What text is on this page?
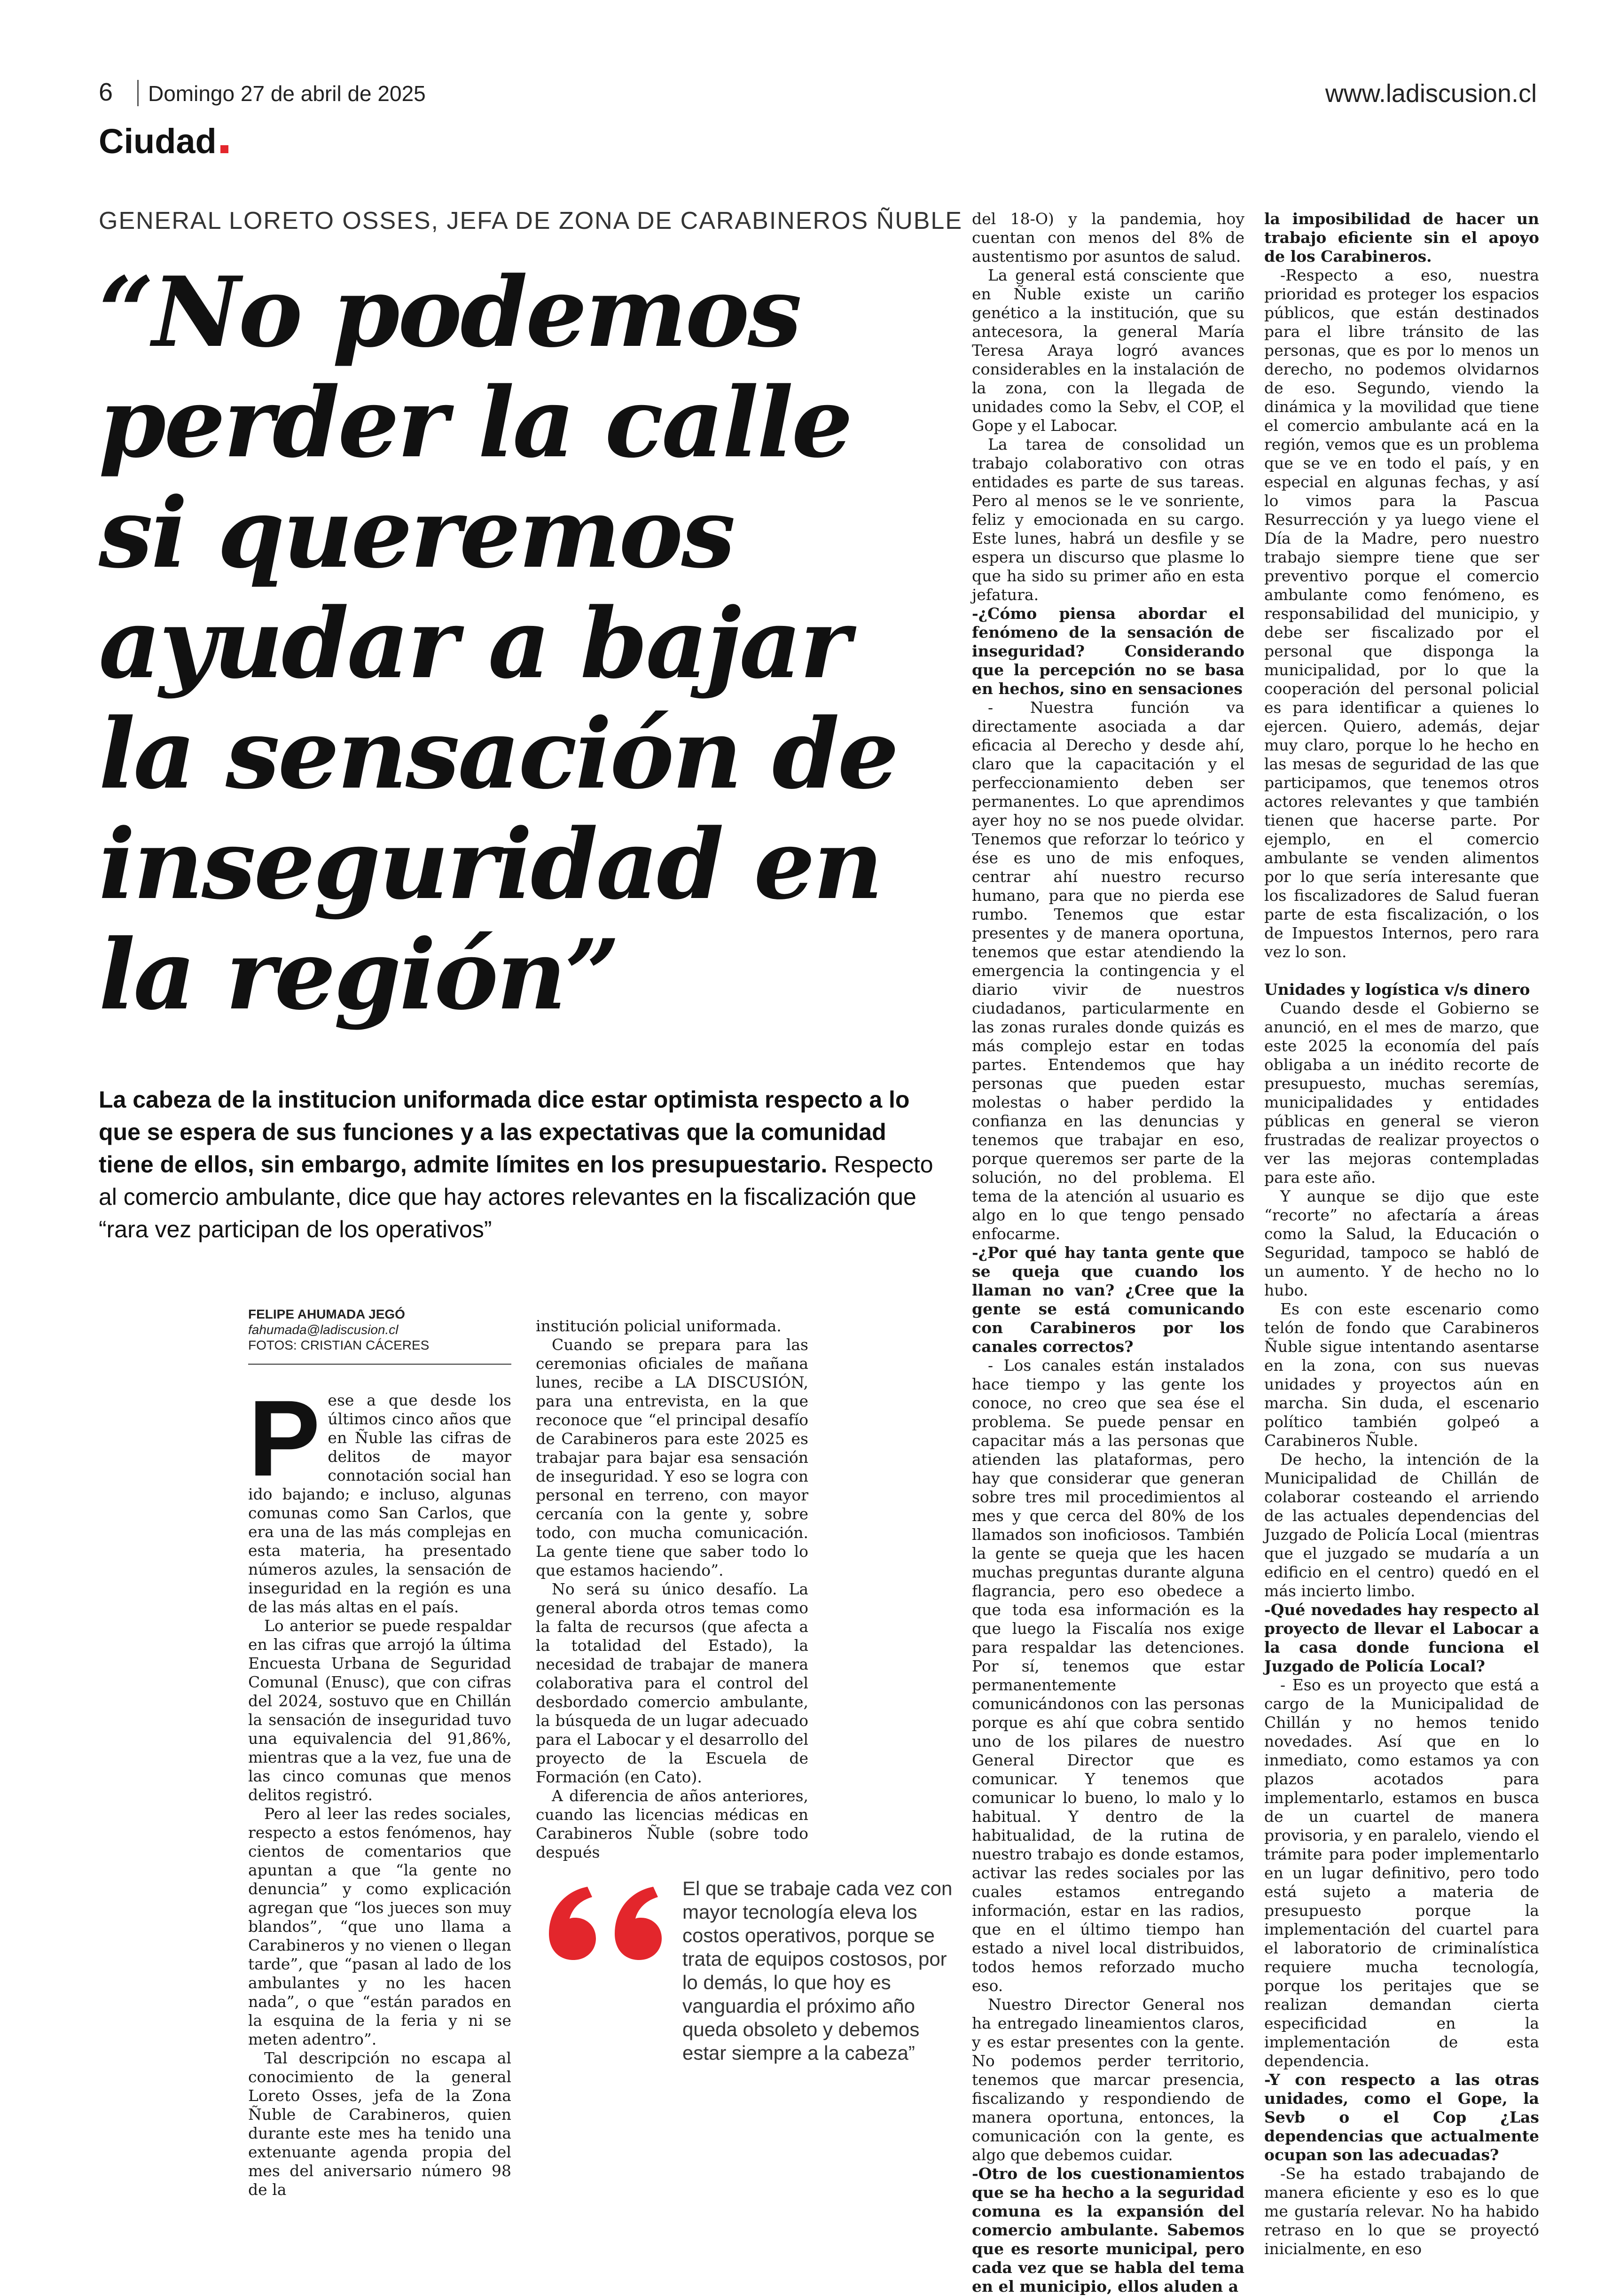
6 Domingo 27 de abril de 2025	www.ladiscusion.cl
Ciudad
GENERAL LORETO OSSES, JEFA DE ZONA DE CARABINEROS ÑUBLE
“No podemos perder la calle si queremos ayudar a bajar la sensación de inseguridad en la región”
La cabeza de la institucion uniformada dice estar optimista respecto a lo que se espera de sus funciones y a las expectativas que la comunidad tiene de ellos, sin embargo, admite límites en los presupuestario. Respecto al comercio ambulante, dice que hay actores relevantes en la fiscalización que “rara vez participan de los operativos”
FELIPE AHUMADA JEGÓ
fahumada@ladiscusion.cl
FOTOS: CRISTIAN CÁCERES

Pese a que desde los últimos cinco años que en Ñuble las cifras de delitos de mayor connotación social han ido bajando; e incluso, algunas comunas como San Carlos, que era una de las más complejas en esta materia, ha presentado números azules, la sensación de inseguridad en la región es una de las más altas en el país.

Lo anterior se puede respaldar en las cifras que arrojó la última Encuesta Urbana de Seguridad Comunal (Enusc), que con cifras del 2024, sostuvo que en Chillán la sensación de inseguridad tuvo una equivalencia del 91,86%, mientras que a la vez, fue una de las cinco comunas que menos delitos registró.

Pero al leer las redes sociales, respecto a estos fenómenos, hay cientos de comentarios que apuntan a que “la gente no denuncia” y como explicación agregan que “los jueces son muy blandos”, “que uno llama a Carabineros y no vienen o llegan tarde”, que “pasan al lado de los ambulantes y no les hacen nada”, o que “están parados en la esquina de la feria y ni se meten adentro”.

Tal descripción no escapa al conocimiento de la general Loreto Osses, jefa de la Zona Ñuble de Carabineros, quien durante este mes ha tenido una extenuante agenda propia del mes del aniversario número 98 de la

institución policial uniformada.

Cuando se prepara para las ceremonias oficiales de mañana lunes, recibe a LA DISCUSIÓN, para una entrevista, en la que reconoce que “el principal desafío de Carabineros para este 2025 es trabajar para bajar esa sensación de inseguridad. Y eso se logra con personal en terreno, con mayor cercanía con la gente y, sobre todo, con mucha comunicación. La gente tiene que saber todo lo que estamos haciendo”.

No será su único desafío. La general aborda otros temas como la falta de recursos (que afecta a la totalidad del Estado), la necesidad de trabajar de manera colaborativa para el control del desbordado comercio ambulante, la búsqueda de un lugar adecuado para el Labocar y el desarrollo del proyecto de la Escuela de Formación (en Cato).

A diferencia de años anteriores, cuando las licencias médicas en Carabineros Ñuble (sobre todo después

El que se trabaje cada vez con mayor tecnología eleva los costos operativos, porque se trata de equipos costosos, por lo demás, lo que hoy es vanguardia el próximo año queda obsoleto y debemos estar siempre a la cabeza”

del 18-O) y la pandemia, hoy cuentan con menos del 8% de austentismo por asuntos de salud.

La general está consciente que en Ñuble existe un cariño genético a la institución, que su antecesora, la general María Teresa Araya logró avances considerables en la instalación de la zona, con la llegada de unidades como la Sebv, el COP, el Gope y el Labocar.

La tarea de consolidad un trabajo colaborativo con otras entidades es parte de sus tareas. Pero al menos se le ve sonriente, feliz y emocionada en su cargo. Este lunes, habrá un desfile y se espera un discurso que plasme lo que ha sido su primer año en esta jefatura.

-¿Cómo piensa abordar el fenómeno de la sensación de inseguridad? Considerando que la percepción no se basa en hechos, sino en sensaciones

- Nuestra función va directamente asociada a dar eficacia al Derecho y desde ahí, claro que la capacitación y el perfeccionamiento deben ser permanentes. Lo que aprendimos ayer hoy no se nos puede olvidar. Tenemos que reforzar lo teórico y ése es uno de mis enfoques, centrar ahí nuestro recurso humano, para que no pierda ese rumbo. Tenemos que estar presentes y de manera oportuna, tenemos que estar atendiendo la emergencia la contingencia y el diario vivir de nuestros ciudadanos, particularmente en las zonas rurales donde quizás es más complejo estar en todas partes. Entendemos que hay personas que pueden estar molestas o haber perdido la confianza en las denuncias y tenemos que trabajar en eso, porque queremos ser parte de la solución, no del problema. El tema de la atención al usuario es algo en lo que tengo pensado enfocarme.

-¿Por qué hay tanta gente que se queja que cuando los llaman no van? ¿Cree que la gente se está comunicando con Carabineros por los canales correctos?

- Los canales están instalados hace tiempo y las gente los conoce, no creo que sea ése el problema. Se puede pensar en capacitar más a las personas que atienden las plataformas, pero hay que considerar que generan sobre tres mil procedimientos al mes y que cerca del 80% de los llamados son inoficiosos. También la gente se queja que les hacen muchas preguntas durante alguna flagrancia, pero eso obedece a que toda esa información es la que luego la Fiscalía nos exige para respaldar las detenciones. Por sí, tenemos que estar permanentemente comunicándonos con las personas porque es ahí que cobra sentido uno de los pilares de nuestro General Director que es comunicar. Y tenemos que comunicar lo bueno, lo malo y lo habitual. Y dentro de la habitualidad, de la rutina de nuestro trabajo es donde estamos, activar las redes sociales por las cuales estamos entregando información, estar en las radios, que en el último tiempo han estado a nivel local distribuidos, todos hemos reforzado mucho eso.

Nuestro Director General nos ha entregado lineamientos claros, y es estar presentes con la gente. No podemos perder territorio, tenemos que marcar presencia, fiscalizando y respondiendo de manera oportuna, entonces, la comunicación con la gente, es algo que debemos cuidar.

-Otro de los cuestionamientos que se ha hecho a la seguridad comuna es la expansión del comercio ambulante. Sabemos que es resorte municipal, pero cada vez que se habla del tema en el municipio, ellos aluden a

la imposibilidad de hacer un trabajo eficiente sin el apoyo de los Carabineros.

-Respecto a eso, nuestra prioridad es proteger los espacios públicos, que están destinados para el libre tránsito de las personas, que es por lo menos un derecho, no podemos olvidarnos de eso. Segundo, viendo la dinámica y la movilidad que tiene el comercio ambulante acá en la región, vemos que es un problema que se ve en todo el país, y en especial en algunas fechas, y así lo vimos para la Pascua Resurrección y ya luego viene el Día de la Madre, pero nuestro trabajo siempre tiene que ser preventivo porque el comercio ambulante como fenómeno, es responsabilidad del municipio, y debe ser fiscalizado por el personal que disponga la municipalidad, por lo que la cooperación del personal policial es para identificar a quienes lo ejercen. Quiero, además, dejar muy claro, porque lo he hecho en las mesas de seguridad de las que participamos, que tenemos otros actores relevantes y que también tienen que hacerse parte. Por ejemplo, en el comercio ambulante se venden alimentos por lo que sería interesante que los fiscalizadores de Salud fueran parte de esta fiscalización, o los de Impuestos Internos, pero rara vez lo son.

Unidades y logística v/s dinero

Cuando desde el Gobierno se anunció, en el mes de marzo, que este 2025 la economía del país obligaba a un inédito recorte de presupuesto, muchas seremías, municipalidades y entidades públicas en general se vieron frustradas de realizar proyectos o ver las mejoras contempladas para este año.

Y aunque se dijo que este “recorte” no afectaría a áreas como la Salud, la Educación o Seguridad, tampoco se habló de un aumento. Y de hecho no lo hubo.

Es con este escenario como telón de fondo que Carabineros Ñuble sigue intentando asentarse en la zona, con sus nuevas unidades y proyectos aún en marcha. Sin duda, el escenario político también golpeó a Carabineros Ñuble.

De hecho, la intención de la Municipalidad de Chillán de colaborar costeando el arriendo de las actuales dependencias del Juzgado de Policía Local (mientras que el juzgado se mudaría a un edificio en el centro) quedó en el más incierto limbo.

-Qué novedades hay respecto al proyecto de llevar el Labocar a la casa donde funciona el Juzgado de Policía Local?

- Eso es un proyecto que está a cargo de la Municipalidad de Chillán y no hemos tenido novedades. Así que en lo inmediato, como estamos ya con plazos acotados para implementarlo, estamos en busca de un cuartel de manera provisoria, y en paralelo, viendo el trámite para poder implementarlo en un lugar definitivo, pero todo está sujeto a materia de presupuesto porque la implementación del cuartel para el laboratorio de criminalística requiere mucha tecnología, porque los peritajes que se realizan demandan cierta especificidad en la implementación de esta dependencia.

-Y con respecto a las otras unidades, como el Gope, la Sevb o el Cop ¿Las dependencias que actualmente ocupan son las adecuadas?

-Se ha estado trabajando de manera eficiente y eso es lo que me gustaría relevar. No ha habido retraso en lo que se proyectó inicialmente, en eso
